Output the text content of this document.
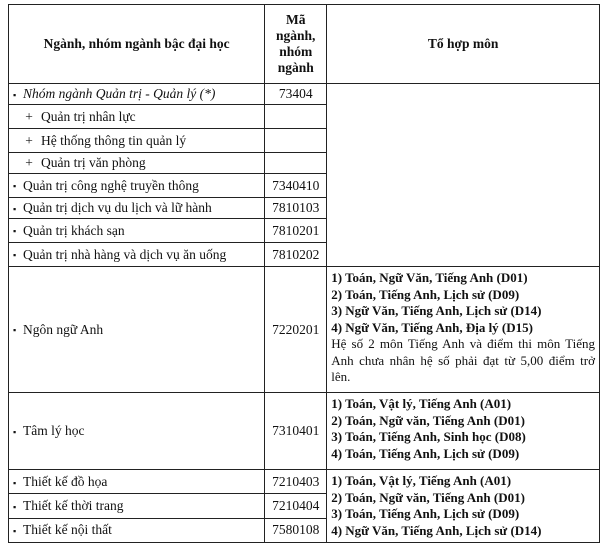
Ngành, nhóm ngành bậc đại học	Mã ngành, nhóm ngành	Tổ hợp môn
▪ Nhóm ngành Quản trị - Quản lý (*)	73404	
+ Quản trị nhân lực		
+ Hệ thống thông tin quản lý		
+ Quản trị văn phòng		
▪ Quản trị công nghệ truyền thông	7340410	
▪ Quản trị dịch vụ du lịch và lữ hành	7810103	
▪ Quản trị khách sạn	7810201	
▪ Quản trị nhà hàng và dịch vụ ăn uống	7810202	
▪ Ngôn ngữ Anh	7220201	1) Toán, Ngữ Văn, Tiếng Anh (D01)
2) Toán, Tiếng Anh, Lịch sử (D09)
3) Ngữ Văn, Tiếng Anh, Lịch sử (D14)
4) Ngữ Văn, Tiếng Anh, Địa lý (D15)
Hệ số 2 môn Tiếng Anh và điểm thi môn Tiếng Anh chưa nhân hệ số phải đạt từ 5,00 điểm trở lên.

▪ Tâm lý học	7310401	1) Toán, Vật lý, Tiếng Anh (A01)
2) Toán, Ngữ văn, Tiếng Anh (D01)
3) Toán, Tiếng Anh, Sinh học (D08)
4) Toán, Tiếng Anh, Lịch sử (D09)

▪ Thiết kế đồ họa	7210403	1) Toán, Vật lý, Tiếng Anh (A01)
2) Toán, Ngữ văn, Tiếng Anh (D01)
3) Toán, Tiếng Anh, Lịch sử (D09)
4) Ngữ Văn, Tiếng Anh, Lịch sử (D14)

▪ Thiết kế thời trang	7210404	
▪ Thiết kế nội thất	7580108	
